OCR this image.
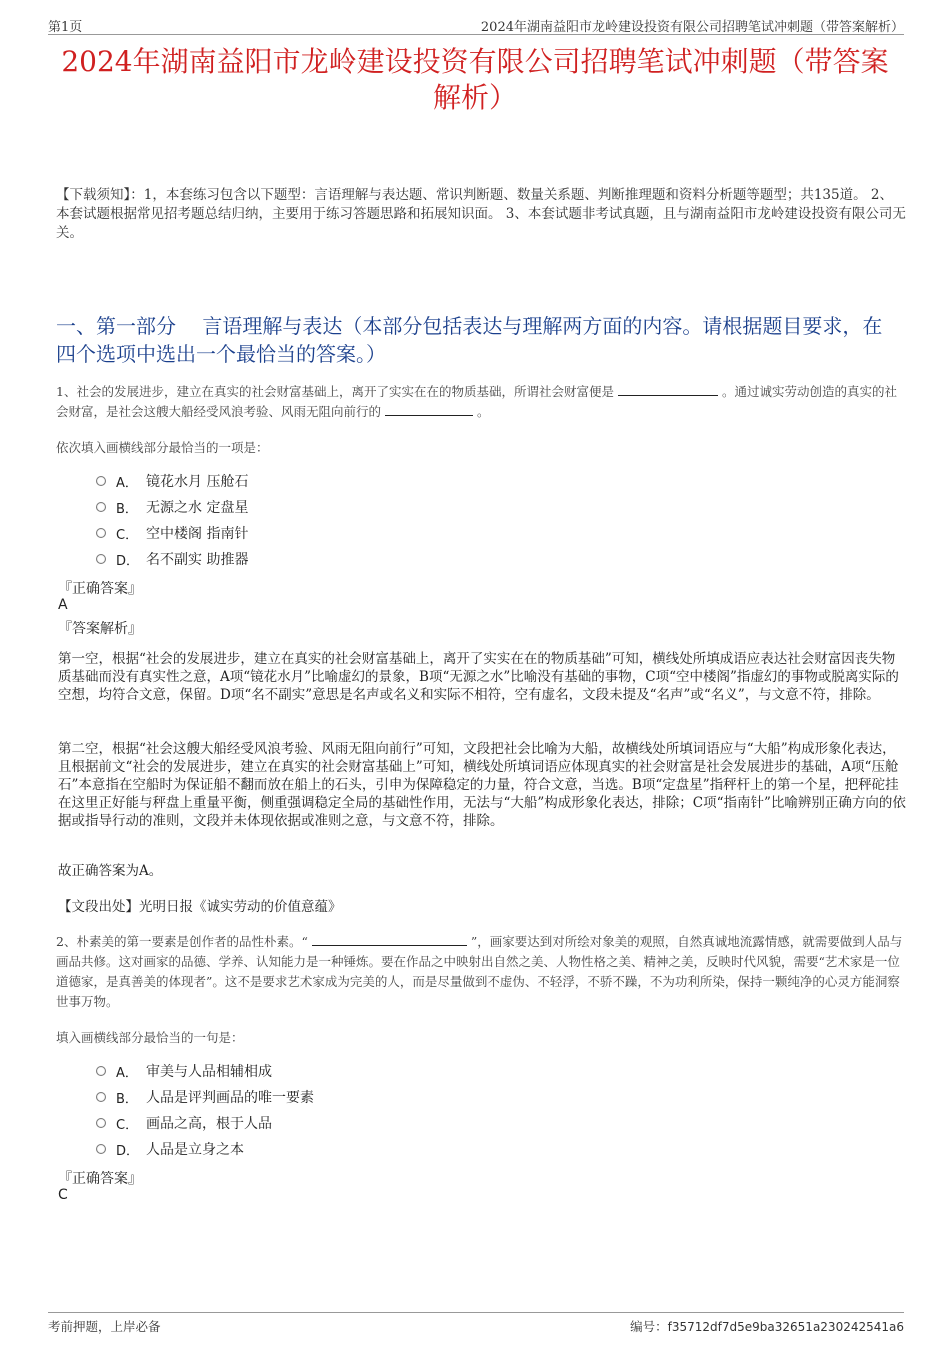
第1页	2024年湖南益阳市龙岭建设投资有限公司招聘笔试冲刺题（带答案解析）
2024年湖南益阳市龙岭建设投资有限公司招聘笔试冲刺题（带答案解析）
【下载须知】：1，本套练习包含以下题型：言语理解与表达题、常识判断题、数量关系题、判断推理题和资料分析题等题型；共135道。 2、本套试题根据常见招考题总结归纳，主要用于练习答题思路和拓展知识面。 3、本套试题非考试真题，且与湖南益阳市龙岭建设投资有限公司无关。
一、第一部分　 言语理解与表达（本部分包括表达与理解两方面的内容。请根据题目要求，在四个选项中选出一个最恰当的答案。）
1、社会的发展进步，建立在真实的社会财富基础上，离开了实实在在的物质基础，所谓社会财富便是	。通过诚实劳动创造的真实的社会财富，是社会这艘大船经受风浪考验、风雨无阻向前行的	。
依次填入画横线部分最恰当的一项是：
A． 镜花水月 压舱石
B． 无源之水 定盘星
C． 空中楼阁 指南针
D． 名不副实 助推器
『正确答案』
A
『答案解析』
第一空，根据“社会的发展进步，建立在真实的社会财富基础上，离开了实实在在的物质基础”可知，横线处所填成语应表达社会财富因丧失物质基础而没有真实性之意，A项“镜花水月”比喻虚幻的景象，B项“无源之水”比喻没有基础的事物，C项“空中楼阁”指虚幻的事物或脱离实际的空想，均符合文意，保留。D项“名不副实”意思是名声或名义和实际不相符，空有虚名，文段未提及“名声”或“名义”，与文意不符，排除。
第二空，根据“社会这艘大船经受风浪考验、风雨无阻向前行”可知，文段把社会比喻为大船，故横线处所填词语应与“大船”构成形象化表达，且根据前文“社会的发展进步，建立在真实的社会财富基础上”可知，横线处所填词语应体现真实的社会财富是社会发展进步的基础，A项“压舱石”本意指在空船时为保证船不翻而放在船上的石头，引申为保障稳定的力量，符合文意，当选。B项“定盘星”指秤杆上的第一个星，把秤砣挂在这里正好能与秤盘上重量平衡，侧重强调稳定全局的基础性作用，无法与“大船”构成形象化表达，排除；C项“指南针”比喻辨别正确方向的依据或指导行动的准则，文段并未体现依据或准则之意，与文意不符，排除。
故正确答案为A。
【文段出处】光明日报《诚实劳动的价值意蕴》
2、朴素美的第一要素是创作者的品性朴素。“	”，画家要达到对所绘对象美的观照，自然真诚地流露情感，就需要做到人品与画品共修。这对画家的品德、学养、认知能力是一种锤炼。要在作品之中映射出自然之美、人物性格之美、精神之美，反映时代风貌，需要“艺术家是一位道德家，是真善美的体现者”。这不是要求艺术家成为完美的人，而是尽量做到不虚伪、不轻浮，不骄不躁，不为功利所染，保持一颗纯净的心灵方能洞察世事万物。
填入画横线部分最恰当的一句是：
A． 审美与人品相辅相成
B． 人品是评判画品的唯一要素
C． 画品之高，根于人品
D． 人品是立身之本
『正确答案』
C
考前押题，上岸必备	编号：f35712df7d5e9ba32651a230242541a6
